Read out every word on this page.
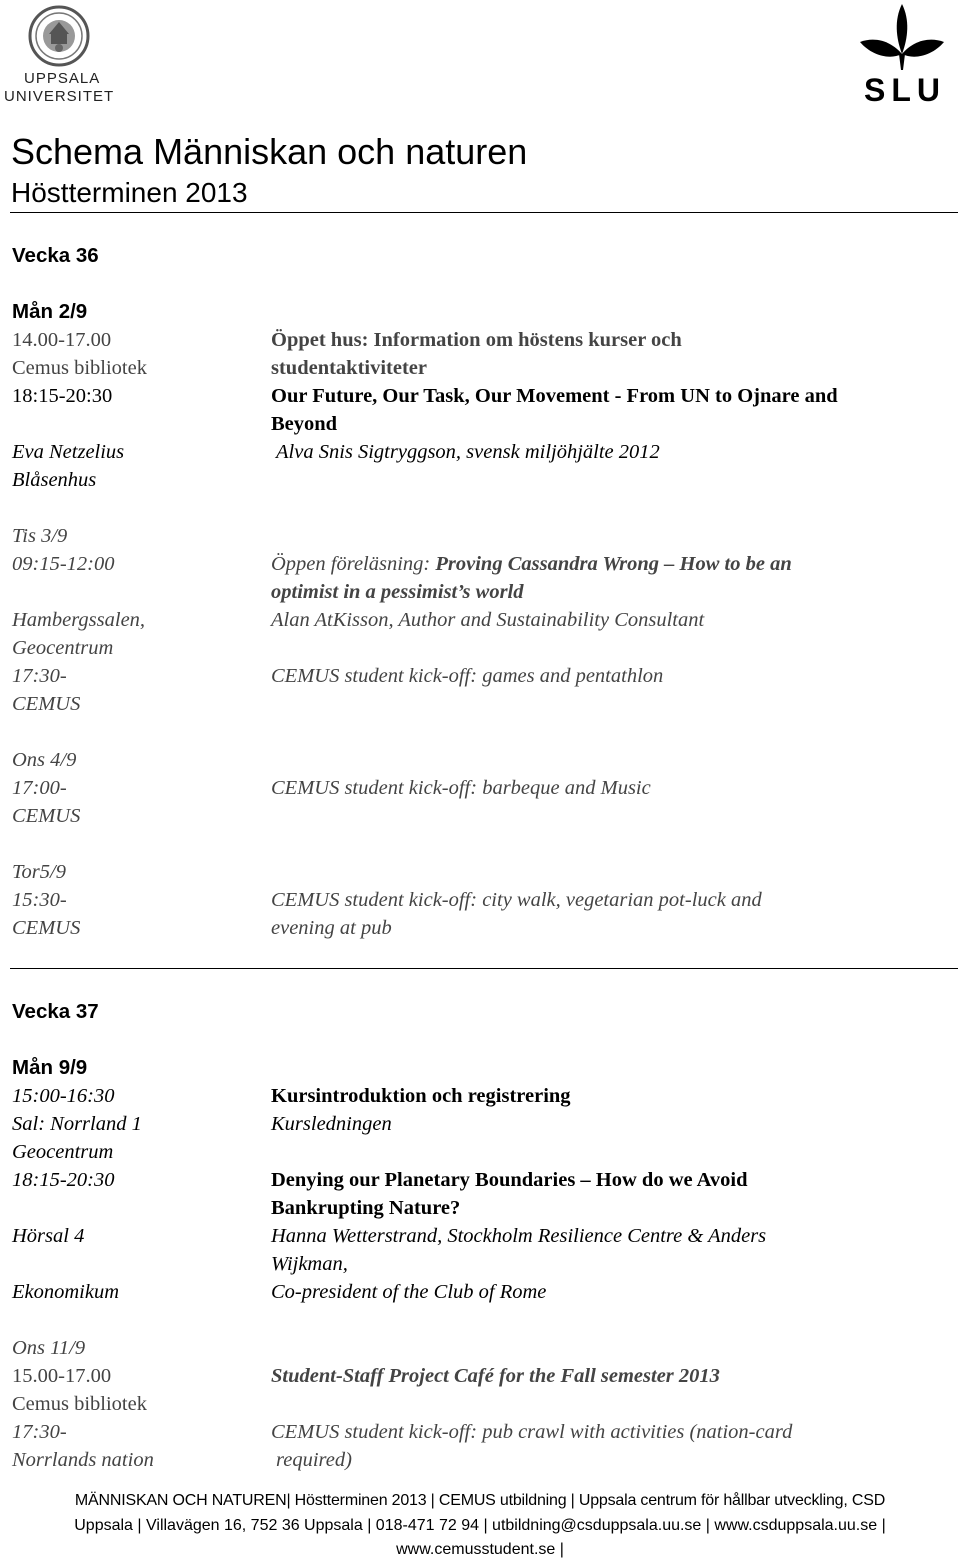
UPPSALA
UNIVERSITET	SLU
Schema Människan och naturen
Höstterminen 2013
Vecka 36
Mån 2/9
14.00-17.00	Öppet hus: Information om höstens kurser och
Cemus bibliotek	studentaktiviteter
18:15-20:30	Our Future, Our Task, Our Movement - From UN to Ojnare and
Beyond
Eva Netzelius	Alva Snis Sigtryggson, svensk miljöhjälte 2012
Blåsenhus
Tis 3/9
09:15-12:00	Öppen föreläsning: Proving Cassandra Wrong – How to be an
optimist in a pessimist’s world
Hambergssalen,	Alan AtKisson, Author and Sustainability Consultant
Geocentrum
17:30-	CEMUS student kick-off: games and pentathlon
CEMUS
Ons 4/9
17:00-	CEMUS student kick-off: barbeque and Music
CEMUS
Tor5/9
15:30-	CEMUS student kick-off: city walk, vegetarian pot-luck and
CEMUS	evening at pub
Vecka 37
Mån 9/9
15:00-16:30	Kursintroduktion och registrering
Sal: Norrland 1	Kursledningen
Geocentrum
18:15-20:30	Denying our Planetary Boundaries – How do we Avoid
Bankrupting Nature?
Hörsal 4	Hanna Wetterstrand, Stockholm Resilience Centre & Anders
Wijkman,
Ekonomikum	Co-president of the Club of Rome
Ons 11/9
15.00-17.00	Student-Staff Project Café for the Fall semester 2013
Cemus bibliotek
17:30-	CEMUS student kick-off: pub crawl with activities (nation-card
Norrlands nation	required)
MÄNNISKAN OCH NATUREN| Höstterminen 2013 | CEMUS utbildning | Uppsala centrum för hållbar utveckling, CSD
Uppsala | Villavägen 16, 752 36 Uppsala | 018-471 72 94 | utbildning@csduppsala.uu.se | www.csduppsala.uu.se |
www.cemusstudent.se |
